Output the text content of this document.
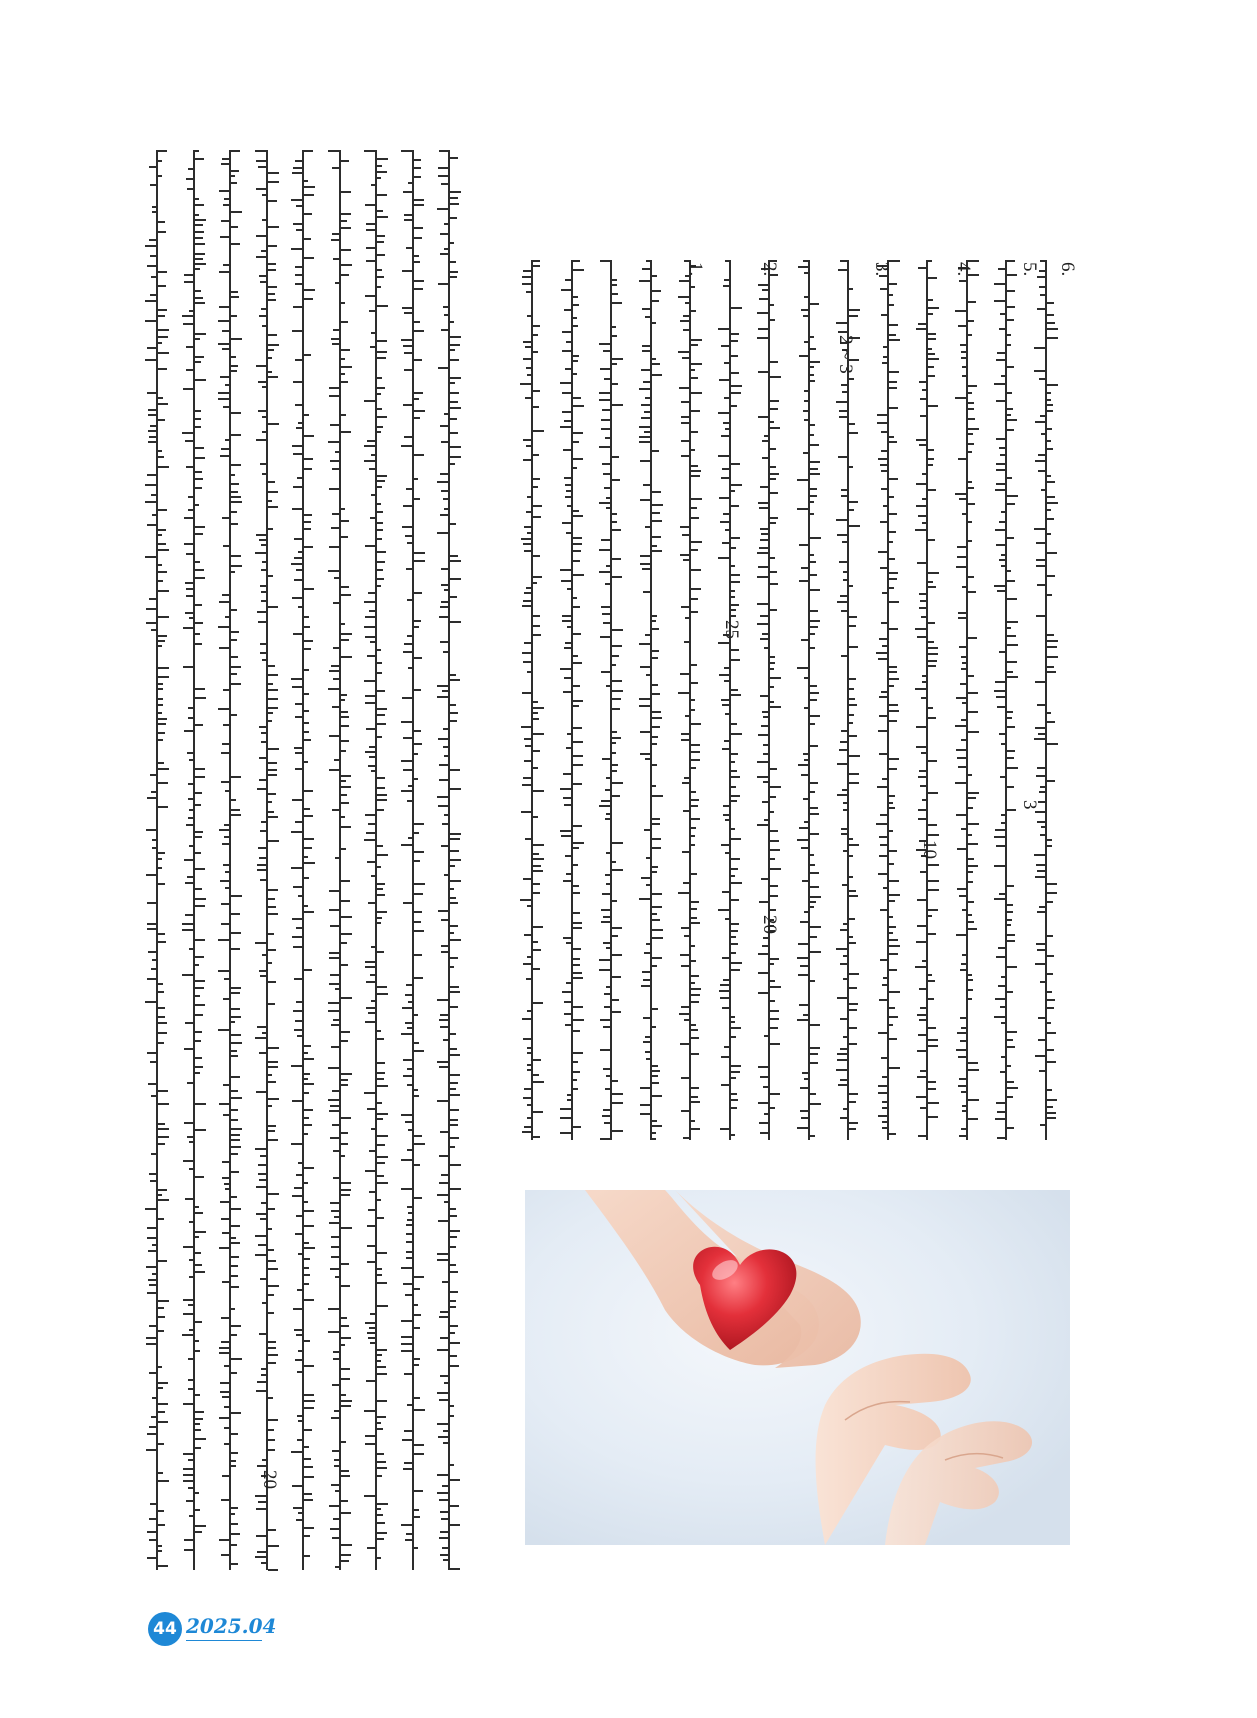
6.
5.
3
4.
10
3.
2 ~ 3
2.
20
25
1.
20
44 2025.04
